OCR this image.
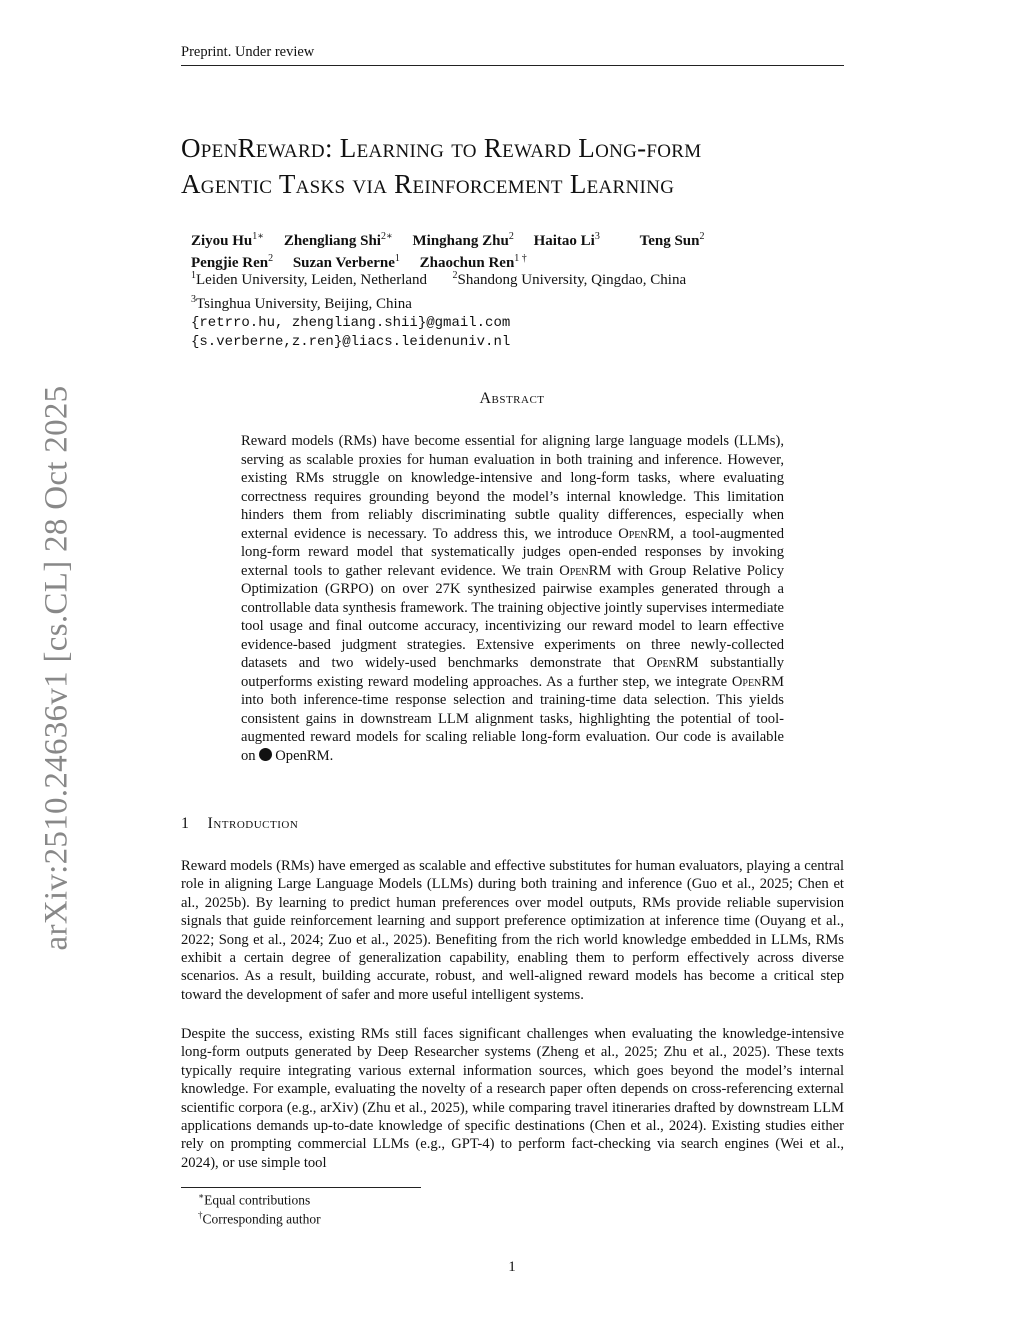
Preprint. Under review
OpenReward: Learning to Reward Long-form
Agentic Tasks via Reinforcement Learning
Ziyou $Hu^{1∗}$ Zhengliang Shi$^{2∗}$ Minghang Zhu$^2$ Haitao Li$^3$	Teng Sun$^2$
Pengjie Ren$^2$ Suzan Verberne$^1$ Zhaochun Ren$^{1 \dagger}$
$^1$Leiden University, Leiden, Netherland	$^2$Shandong University, Qingdao, China
$^3$Tsinghua University, Beijing, China
{retrro.hu, zhengliang.shii}@gmail.com
{s.verberne,z.ren}@liacs.leidenuniv.nl
Abstract
Reward models (RMs) have become essential for aligning large language models (LLMs), serving as scalable proxies for human evaluation in both training and inference. However, existing RMs struggle on knowledge-intensive and long-form tasks, where evaluating correctness requires grounding beyond the model’s internal knowledge. This limitation hinders them from reliably discriminating subtle quality differences, especially when external evidence is necessary. To address this, we introduce OpenRM, a tool-augmented long-form reward model that systematically judges open-ended responses by invoking external tools to gather relevant evidence. We train OpenRM with Group Relative Policy Optimization (GRPO) on over 27K synthesized pairwise examples generated through a controllable data synthesis framework. The training objective jointly supervises intermediate tool usage and final outcome accuracy, incentivizing our reward model to learn effective evidence-based judgment strategies. Extensive experiments on three newly-collected datasets and two widely-used benchmarks demonstrate that OpenRM substantially outperforms existing reward modeling approaches. As a further step, we integrate OpenRM into both inference-time response selection and training-time data selection. This yields consistent gains in downstream LLM alignment tasks, highlighting the potential of tool-augmented reward models for scaling reliable long-form evaluation. Our code is available on OpenRM.
1 Introduction
Reward models (RMs) have emerged as scalable and effective substitutes for human evaluators, playing a central role in aligning Large Language Models (LLMs) during both training and inference (Guo et al., 2025; Chen et al., 2025b). By learning to predict human preferences over model outputs, RMs provide reliable supervision signals that guide reinforcement learning and support preference optimization at inference time (Ouyang et al., 2022; Song et al., 2024; Zuo et al., 2025). Benefiting from the rich world knowledge embedded in LLMs, RMs exhibit a certain degree of generalization capability, enabling them to perform effectively across diverse scenarios. As a result, building accurate, robust, and well-aligned reward models has become a critical step toward the development of safer and more useful intelligent systems.
Despite the success, existing RMs still faces significant challenges when evaluating the knowledge-intensive long-form outputs generated by Deep Researcher systems (Zheng et al., 2025; Zhu et al., 2025). These texts typically require integrating various external information sources, which goes beyond the model’s internal knowledge. For example, evaluating the novelty of a research paper often depends on cross-referencing external scientific corpora (e.g., arXiv) (Zhu et al., 2025), while comparing travel itineraries drafted by downstream LLM applications demands up-to-date knowledge of specific destinations (Chen et al., 2024). Existing studies either rely on prompting commercial LLMs (e.g., GPT-4) to perform fact-checking via search engines (Wei et al., 2024), or use simple tool
∗Equal contributions
†Corresponding author
1
arXiv:2510.24636v1 [cs.CL] 28 Oct 2025
